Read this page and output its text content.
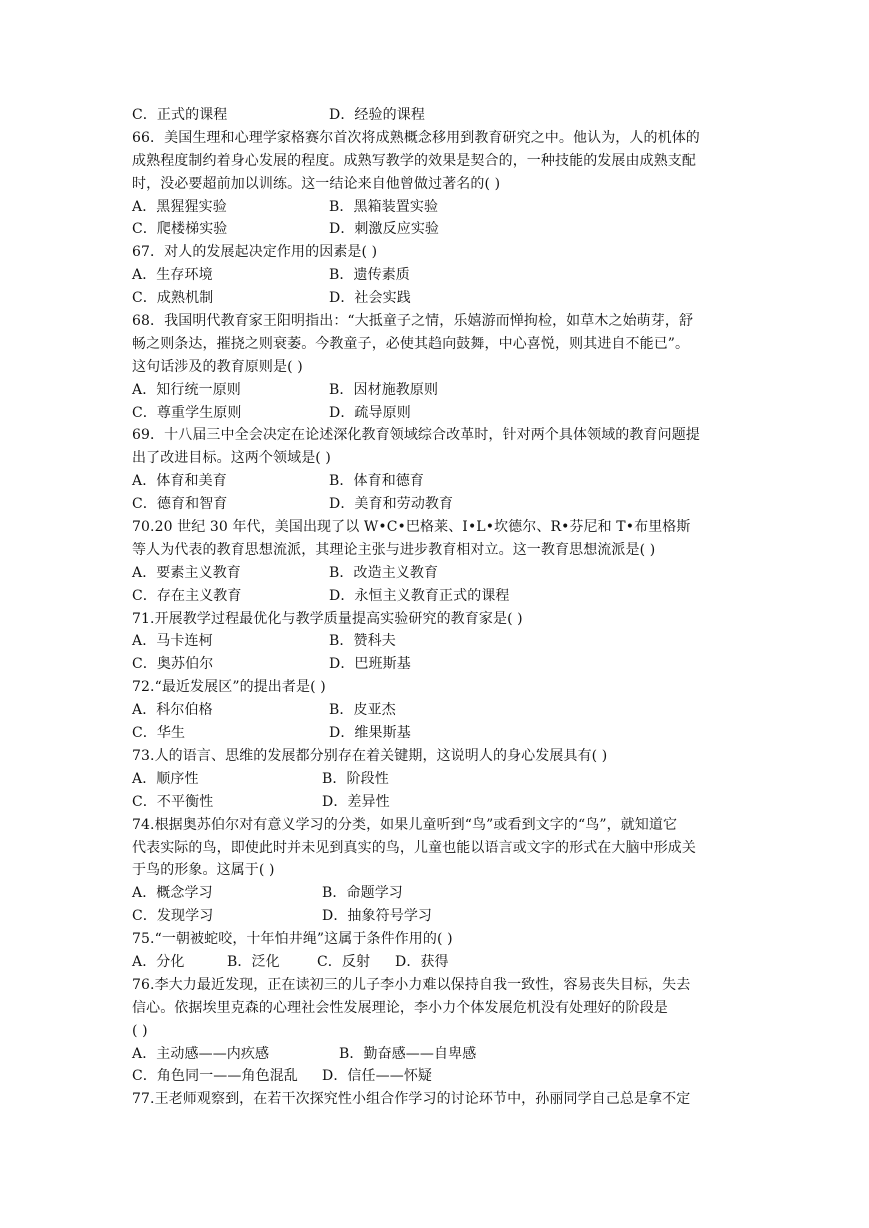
C．正式的课程	D．经验的课程
66．美国生理和心理学家格赛尔首次将成熟概念移用到教育研究之中。他认为，人的机体的
成熟程度制约着身心发展的程度。成熟写教学的效果是契合的，一种技能的发展由成熟支配
时，没必要超前加以训练。这一结论来自他曾做过著名的( )
A．黑猩猩实验	B．黑箱装置实验
C．爬楼梯实验	D．刺激反应实验
67．对人的发展起决定作用的因素是( )
A．生存环境	B．遗传素质
C．成熟机制	D．社会实践
68．我国明代教育家王阳明指出：“大抵童子之情，乐嬉游而惮拘检，如草木之始萌芽，舒
畅之则条达，摧挠之则衰萎。今教童子，必使其趋向鼓舞，中心喜悦，则其进自不能已”。
这句话涉及的教育原则是( )
A．知行统一原则	B．因材施教原则
C．尊重学生原则	D．疏导原则
69．十八届三中全会决定在论述深化教育领域综合改革时，针对两个具体领域的教育问题提
出了改进目标。这两个领域是( )
A．体育和美育	B．体育和德育
C．德育和智育	D．美育和劳动教育
70.20 世纪 30 年代，美国出现了以 W•C•巴格莱、I•L•坎德尔、R•芬尼和 T•布里格斯
等人为代表的教育思想流派，其理论主张与进步教育相对立。这一教育思想流派是( )
A．要素主义教育	B．改造主义教育
C．存在主义教育	D．永恒主义教育正式的课程
71.开展教学过程最优化与教学质量提高实验研究的教育家是( )
A．马卡连柯	B．赞科夫
C．奥苏伯尔	D．巴班斯基
72.“最近发展区”的提出者是( )
A．科尔伯格	B．皮亚杰
C．华生	D．维果斯基
73.人的语言、思维的发展都分别存在着关键期，这说明人的身心发展具有( )
A．顺序性	B．阶段性
C．不平衡性	D．差异性
74.根据奥苏伯尔对有意义学习的分类，如果儿童听到“鸟”或看到文字的“鸟”，就知道它
代表实际的鸟，即使此时并未见到真实的鸟，儿童也能以语言或文字的形式在大脑中形成关
于鸟的形象。这属于( )
A．概念学习	B．命题学习
C．发现学习	D．抽象符号学习
75.“一朝被蛇咬，十年怕井绳”这属于条件作用的( )
A．分化	B．泛化	C．反射 D．获得
76.李大力最近发现，正在读初三的儿子李小力难以保持自我一致性，容易丧失目标，失去
信心。依据埃里克森的心理社会性发展理论，李小力个体发展危机没有处理好的阶段是
( )
A．主动感——内疚感	B．勤奋感——自卑感
C．角色同一——角色混乱 D．信任——怀疑
77.王老师观察到，在若干次探究性小组合作学习的讨论环节中，孙丽同学自己总是拿不定
